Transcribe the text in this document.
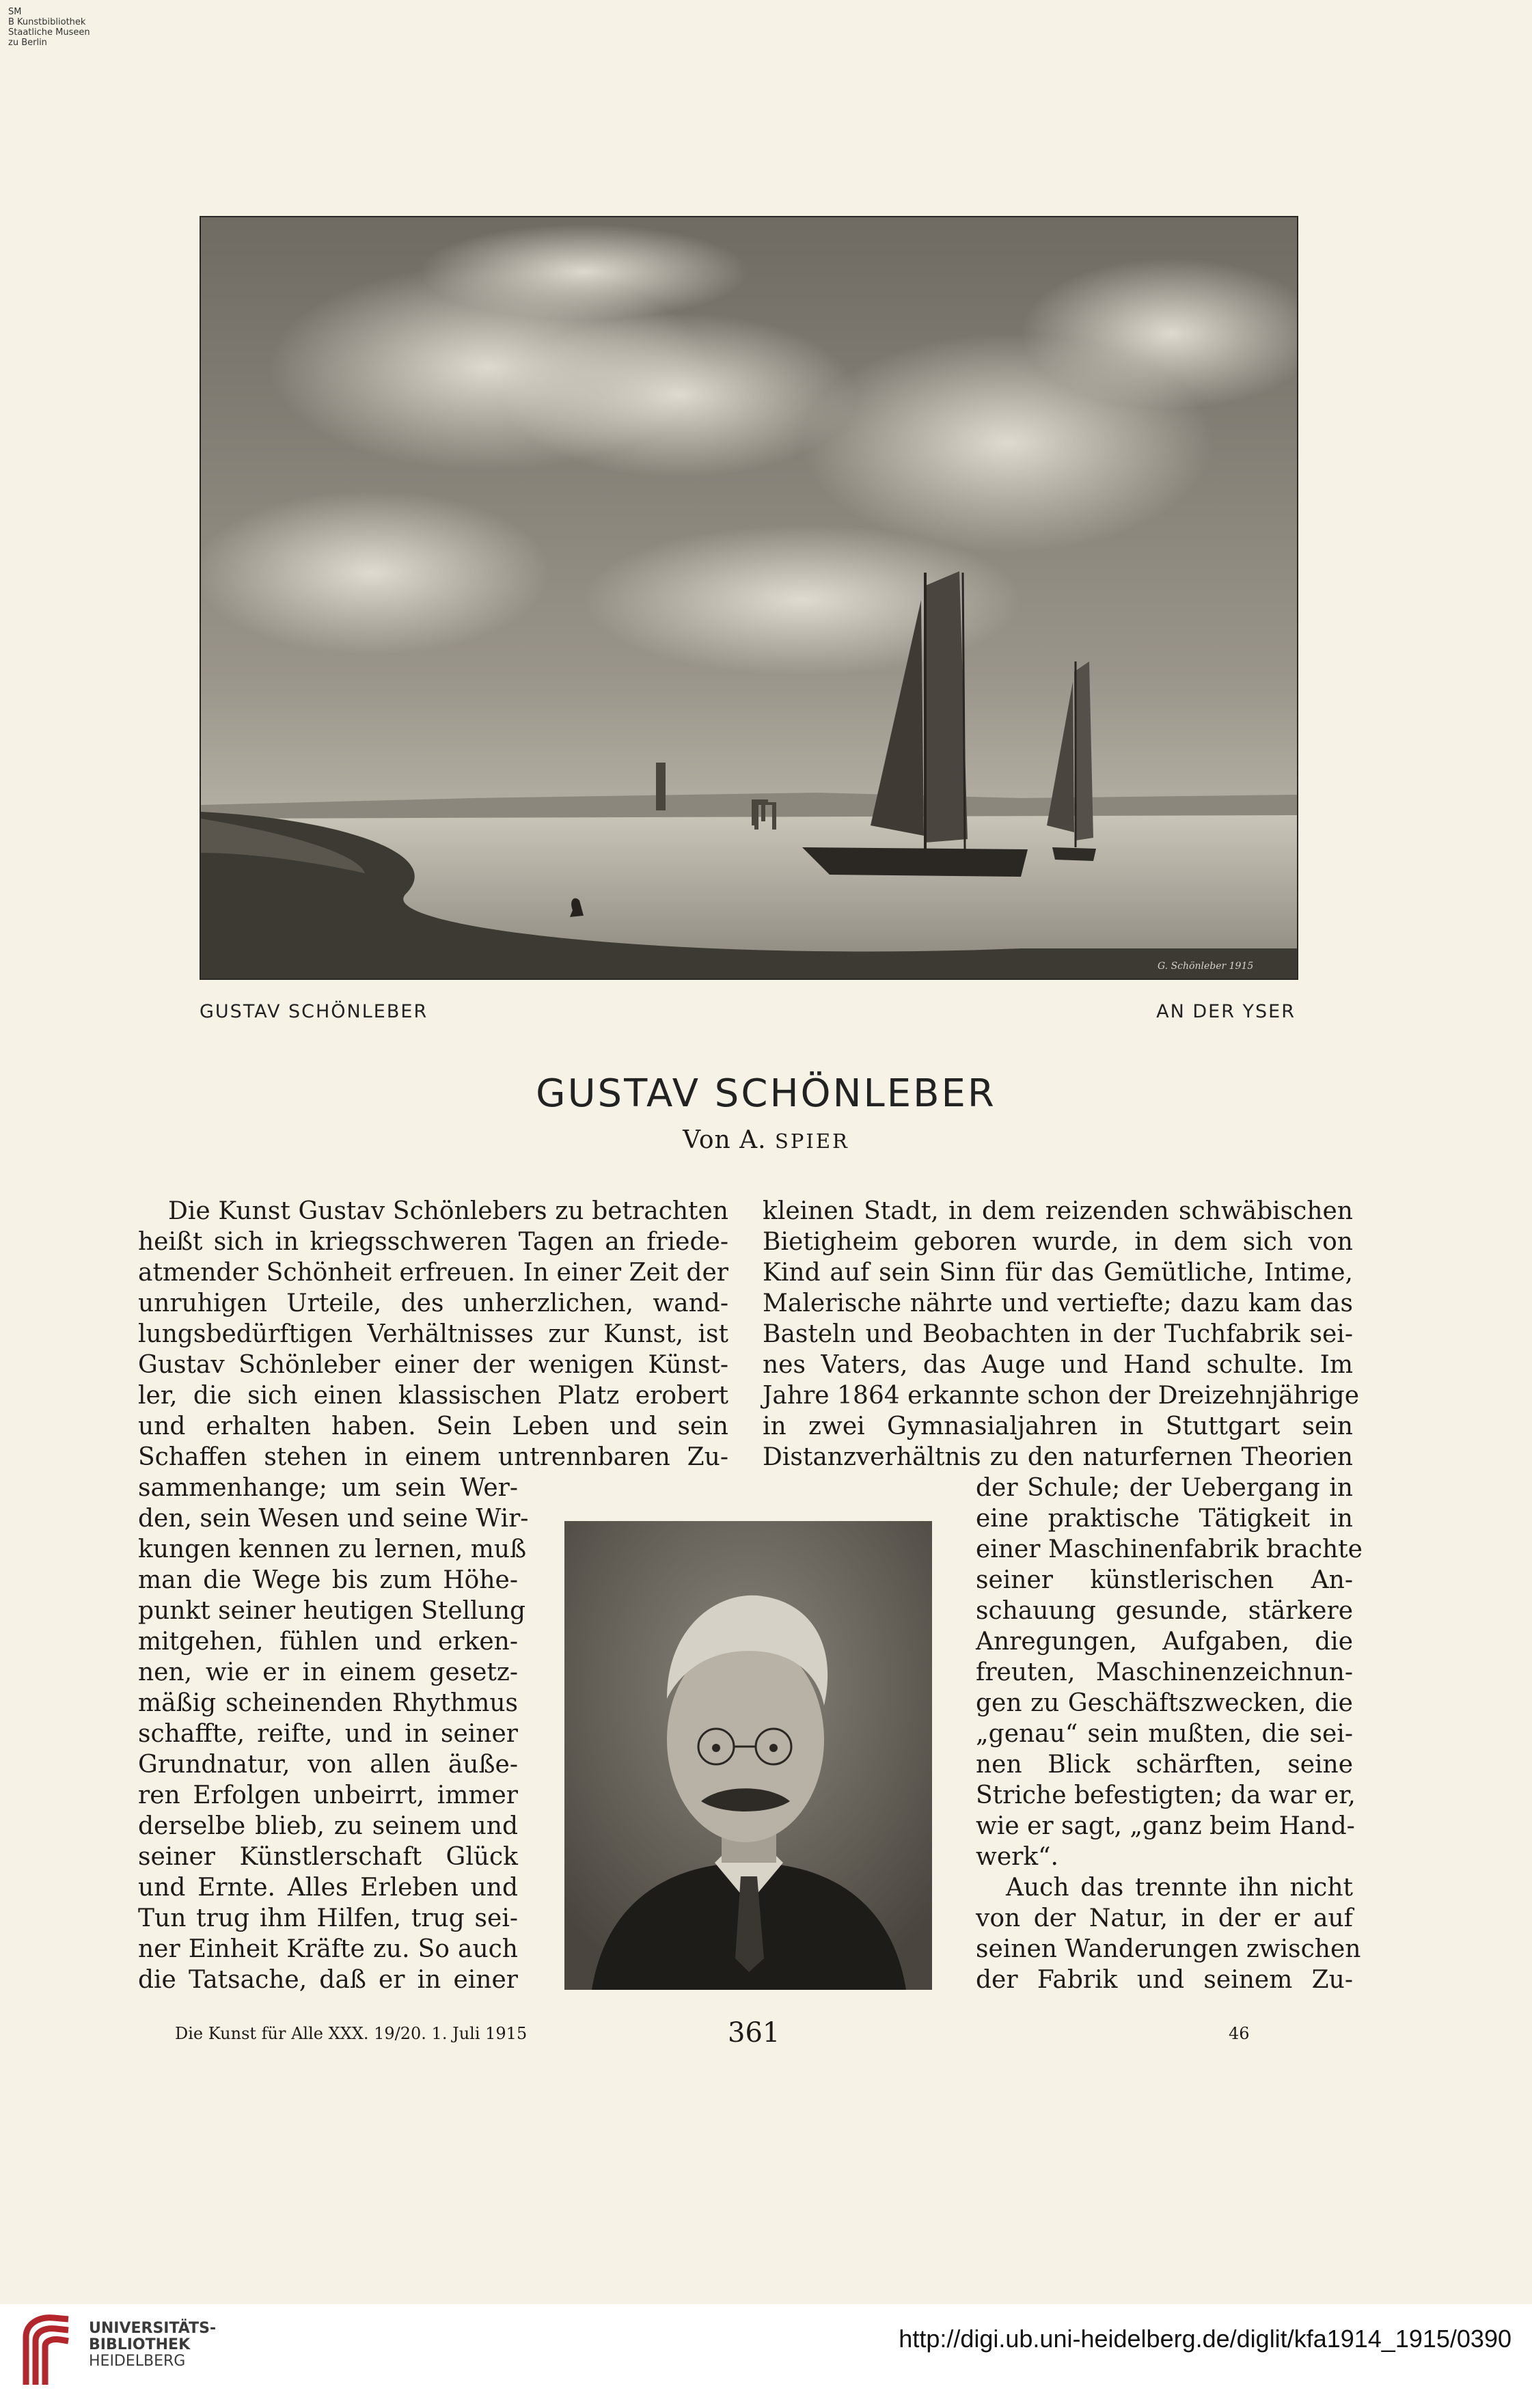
SM
B Kunstbibliothek
Staatliche Museen
zu Berlin
G. Schönleber 1915
GUSTAV SCHÖNLEBER	AN DER YSER
GUSTAV SCHÖNLEBER
Von A. SPIER
Die Kunst Gustav Schönlebers zu betrachten
heißt sich in kriegsschweren Tagen an friede-
atmender Schönheit erfreuen. In einer Zeit der
unruhigen Urteile, des unherzlichen, wand-
lungsbedürftigen Verhältnisses zur Kunst, ist
Gustav Schönleber einer der wenigen Künst-
ler, die sich einen klassischen Platz erobert
und erhalten haben. Sein Leben und sein
Schaffen stehen in einem untrennbaren Zu-
sammenhange; um sein Wer-
den, sein Wesen und seine Wir-
kungen kennen zu lernen, muß
man die Wege bis zum Höhe-
punkt seiner heutigen Stellung
mitgehen, fühlen und erken-
nen, wie er in einem gesetz-
mäßig scheinenden Rhythmus
schaffte, reifte, und in seiner
Grundnatur, von allen äuße-
ren Erfolgen unbeirrt, immer
derselbe blieb, zu seinem und
seiner Künstlerschaft Glück
und Ernte. Alles Erleben und
Tun trug ihm Hilfen, trug sei-
ner Einheit Kräfte zu. So auch
die Tatsache, daß er in einer
kleinen Stadt, in dem reizenden schwäbischen
Bietigheim geboren wurde, in dem sich von
Kind auf sein Sinn für das Gemütliche, Intime,
Malerische nährte und vertiefte; dazu kam das
Basteln und Beobachten in der Tuchfabrik sei-
nes Vaters, das Auge und Hand schulte. Im
Jahre 1864 erkannte schon der Dreizehnjährige
in zwei Gymnasialjahren in Stuttgart sein
Distanzverhältnis zu den naturfernen Theorien
der Schule; der Uebergang in
eine praktische Tätigkeit in
einer Maschinenfabrik brachte
seiner künstlerischen An-
schauung gesunde, stärkere
Anregungen, Aufgaben, die
freuten, Maschinenzeichnun-
gen zu Geschäftszwecken, die
„genau“ sein mußten, die sei-
nen Blick schärften, seine
Striche befestigten; da war er,
wie er sagt, „ganz beim Hand-
werk“.
Auch das trennte ihn nicht
von der Natur, in der er auf
seinen Wanderungen zwischen
der Fabrik und seinem Zu-
Die Kunst für Alle XXX. 19/20. 1. Juli 1915	361	46
UNIVERSITÄTS-
BIBLIOTHEK
HEIDELBERG
http://digi.ub.uni-heidelberg.de/diglit/kfa1914_1915/0390
